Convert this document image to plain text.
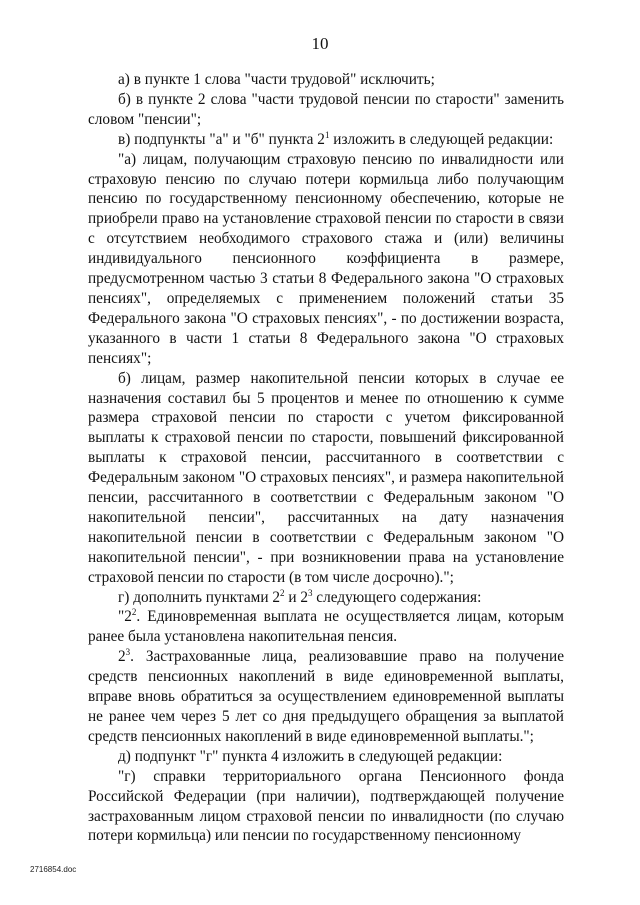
10

а) в пункте 1 слова "части трудовой" исключить;

б) в пункте 2 слова "части трудовой пенсии по старости" заменить словом "пенсии";

в) подпункты "а" и "б" пункта $2^1$ изложить в следующей редакции:

"а) лицам, получающим страховую пенсию по инвалидности или страховую пенсию по случаю потери кормильца либо получающим пенсию по государственному пенсионному обеспечению, которые не приобрели право на установление страховой пенсии по старости в связи с отсутствием необходимого страхового стажа и (или) величины индивидуального пенсионного коэффициента в размере, предусмотренном частью 3 статьи 8 Федерального закона "О страховых пенсиях", определяемых с применением положений статьи 35 Федерального закона "О страховых пенсиях", - по достижении возраста, указанного в части 1 статьи 8 Федерального закона "О страховых пенсиях";

б) лицам, размер накопительной пенсии которых в случае ее назначения составил бы 5 процентов и менее по отношению к сумме размера страховой пенсии по старости с учетом фиксированной выплаты к страховой пенсии по старости, повышений фиксированной выплаты к страховой пенсии, рассчитанного в соответствии с Федеральным законом "О страховых пенсиях", и размера накопительной пенсии, рассчитанного в соответствии с Федеральным законом "О накопительной пенсии", рассчитанных на дату назначения накопительной пенсии в соответствии с Федеральным законом "О накопительной пенсии", - при возникновении права на установление страховой пенсии по старости (в том числе досрочно).";

г) дополнить пунктами $2^2$ и $2^3$ следующего содержания:

"$2^2$. Единовременная выплата не осуществляется лицам, которым ранее была установлена накопительная пенсия.

$2^3$. Застрахованные лица, реализовавшие право на получение средств пенсионных накоплений в виде единовременной выплаты, вправе вновь обратиться за осуществлением единовременной выплаты не ранее чем через 5 лет со дня предыдущего обращения за выплатой средств пенсионных накоплений в виде единовременной выплаты.";

д) подпункт "г" пункта 4 изложить в следующей редакции:

"г) справки территориального органа Пенсионного фонда Российской Федерации (при наличии), подтверждающей получение застрахованным лицом страховой пенсии по инвалидности (по случаю потери кормильца) или пенсии по государственному пенсионному

2716854.doc
